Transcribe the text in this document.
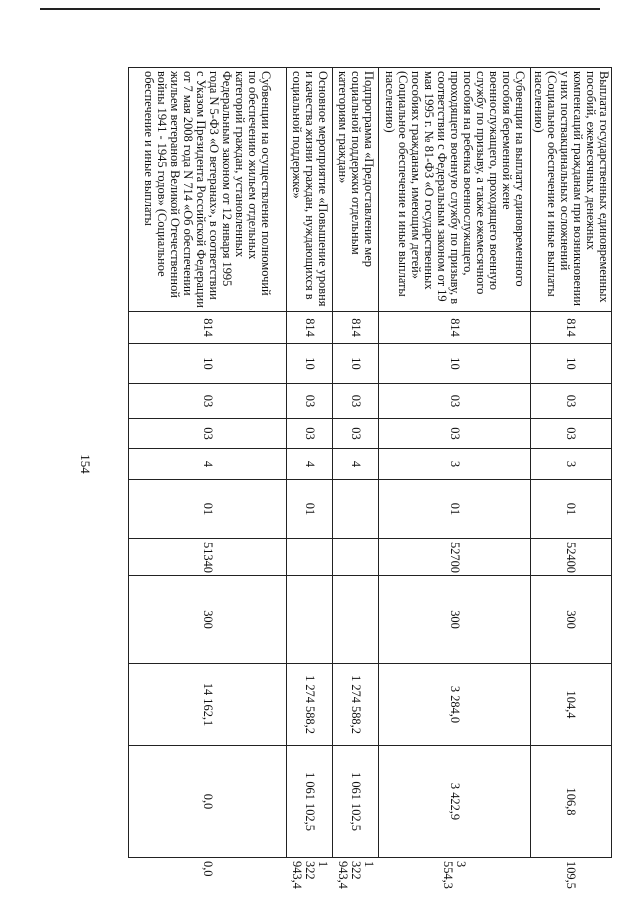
154
Выплата государственных единовременных пособий, ежемесячных денежных компенсаций гражданам при возникновении у них поствакцинальных осложнений (Социальное обеспечение и иные выплаты населению)	814	10	03	03	3	01	52400	300	104,4	106,8	109,5
Субвенции на выплату единовременного пособия беременной жене военнослужащего, проходящего военную службу по призыву, а также ежемесячного пособия на ребенка военнослужащего, проходящего военную службу по призыву, в соответствии с Федеральным законом от 19 мая 1995 г. № 81-ФЗ «О государственных пособиях гражданам, имеющим детей» (Социальное обеспечение и иные выплаты населению)	814	10	03	03	3	01	52700	300	3 284,0	3 422,9	3 554,3
Подпрограмма «Предоставление мер социальной поддержки отдельным категориям граждан»	814	10	03	03	4				1 274 588,2	1 061 102,5	1 322 943,4
Основное мероприятие «Повышение уровня и качества жизни граждан, нуждающихся в социальной поддержке»	814	10	03	03	4	01			1 274 588,2	1 061 102,5	1 322 943,4
Субвенции на осуществление полномочий по обеспечению жильем отдельных категорий граждан, установленных Федеральным законом от 12 января 1995 года N 5-ФЗ «О ветеранах», в соответствии с Указом Президента Российской Федерации от 7 мая 2008 года N 714 «Об обеспечении жильем ветеранов Великой Отечественной войны 1941 - 1945 годов» (Социальное обеспечение и иные выплаты	814	10	03	03	4	01	51340	300	14 162,1	0,0	0,0
